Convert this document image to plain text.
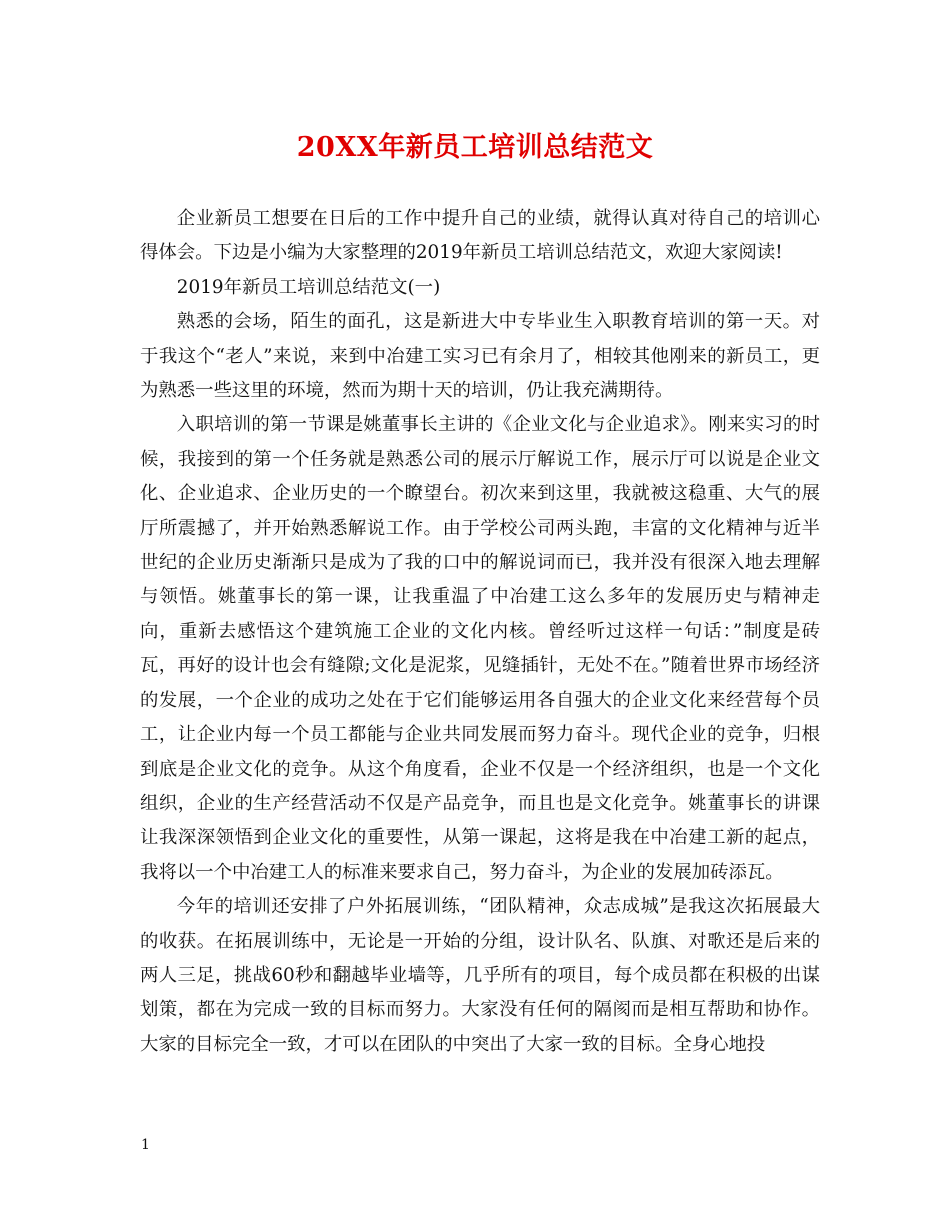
20XX年新员工培训总结范文

企业新员工想要在日后的工作中提升自己的业绩，就得认真对待自己的培训心得体会。下边是小编为大家整理的2019年新员工培训总结范文，欢迎大家阅读!

2019年新员工培训总结范文(一)

熟悉的会场，陌生的面孔，这是新进大中专毕业生入职教育培训的第一天。对于我这个“老人”来说，来到中冶建工实习已有余月了，相较其他刚来的新员工，更为熟悉一些这里的环境，然而为期十天的培训，仍让我充满期待。

入职培训的第一节课是姚董事长主讲的《企业文化与企业追求》。刚来实习的时候，我接到的第一个任务就是熟悉公司的展示厅解说工作，展示厅可以说是企业文化、企业追求、企业历史的一个瞭望台。初次来到这里，我就被这稳重、大气的展厅所震撼了，并开始熟悉解说工作。由于学校公司两头跑，丰富的文化精神与近半世纪的企业历史渐渐只是成为了我的口中的解说词而已，我并没有很深入地去理解与领悟。姚董事长的第一课，让我重温了中冶建工这么多年的发展历史与精神走向，重新去感悟这个建筑施工企业的文化内核。曾经听过这样一句话：”制度是砖瓦，再好的设计也会有缝隙;文化是泥浆，见缝插针，无处不在。”随着世界市场经济的发展，一个企业的成功之处在于它们能够运用各自强大的企业文化来经营每个员工，让企业内每一个员工都能与企业共同发展而努力奋斗。现代企业的竞争，归根到底是企业文化的竞争。从这个角度看，企业不仅是一个经济组织，也是一个文化组织，企业的生产经营活动不仅是产品竞争，而且也是文化竞争。姚董事长的讲课让我深深领悟到企业文化的重要性，从第一课起，这将是我在中冶建工新的起点，我将以一个中冶建工人的标准来要求自己，努力奋斗，为企业的发展加砖添瓦。

今年的培训还安排了户外拓展训练，“团队精神，众志成城”是我这次拓展最大的收获。在拓展训练中，无论是一开始的分组，设计队名、队旗、对歌还是后来的两人三足，挑战60秒和翻越毕业墙等，几乎所有的项目，每个成员都在积极的出谋划策，都在为完成一致的目标而努力。大家没有任何的隔阂而是相互帮助和协作。大家的目标完全一致，才可以在团队的中突出了大家一致的目标。全身心地投

1
